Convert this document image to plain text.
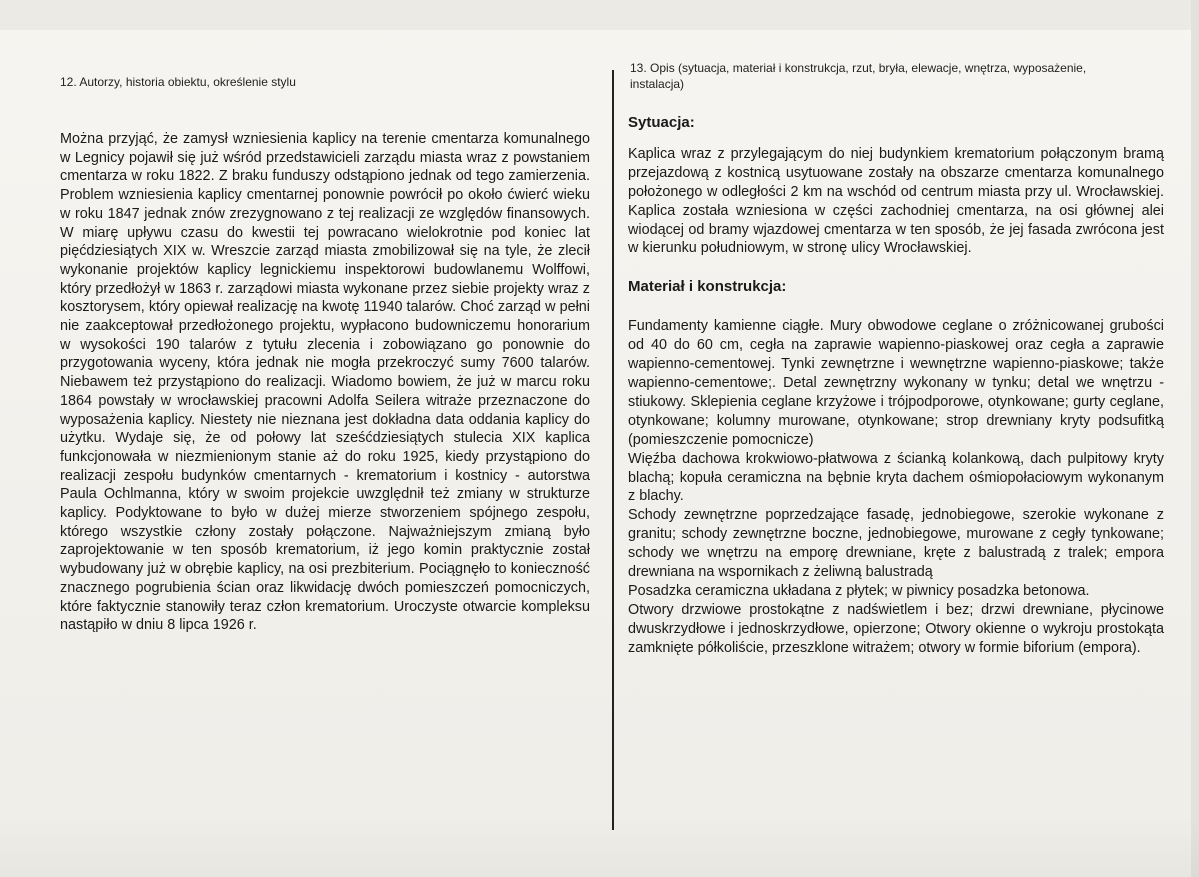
12. Autorzy, historia obiektu, określenie stylu

Można przyjąć, że zamysł wzniesienia kaplicy na terenie cmentarza komunalnego w Legnicy pojawił się już wśród przedstawicieli zarządu miasta wraz z powstaniem cmentarza w roku 1822. Z braku funduszy odstąpiono jednak od tego zamierzenia. Problem wzniesienia kaplicy cmentarnej ponownie powrócił po około ćwierć wieku w roku 1847 jednak znów zrezygnowano z tej realizacji ze względów finansowych. W miarę upływu czasu do kwestii tej powracano wielokrotnie pod koniec lat pięćdziesiątych XIX w. Wreszcie zarząd miasta zmobilizował się na tyle, że zlecił wykonanie projektów kaplicy legnickiemu inspektorowi budowlanemu Wolffowi, który przedłożył w 1863 r. zarządowi miasta wykonane przez siebie projekty wraz z kosztorysem, który opiewał realizację na kwotę 11940 talarów. Choć zarząd w pełni nie zaakceptował przedłożonego projektu, wypłacono budowniczemu honorarium w wysokości 190 talarów z tytułu zlecenia i zobowiązano go ponownie do przygotowania wyceny, która jednak nie mogła przekroczyć sumy 7600 talarów. Niebawem też przystąpiono do realizacji. Wiadomo bowiem, że już w marcu roku 1864 powstały w wrocławskiej pracowni Adolfa Seilera witraże przeznaczone do wyposażenia kaplicy. Niestety nie nieznana jest dokładna data oddania kaplicy do użytku. Wydaje się, że od połowy lat sześćdziesiątych stulecia XIX kaplica funkcjonowała w niezmienionym stanie aż do roku 1925, kiedy przystąpiono do realizacji zespołu budynków cmentarnych - krematorium i kostnicy - autorstwa Paula Ochlmanna, który w swoim projekcie uwzględnił też zmiany w strukturze kaplicy. Podyktowane to było w dużej mierze stworzeniem spójnego zespołu, którego wszystkie człony zostały połączone. Najważniejszym zmianą było zaprojektowanie w ten sposób krematorium, iż jego komin praktycznie został wybudowany już w obrębie kaplicy, na osi prezbiterium. Pociągnęło to konieczność znacznego pogrubienia ścian oraz likwidację dwóch pomieszczeń pomocniczych, które faktycznie stanowiły teraz człon krematorium. Uroczyste otwarcie kompleksu nastąpiło w dniu 8 lipca 1926 r.

13. Opis (sytuacja, materiał i konstrukcja, rzut, bryła, elewacje, wnętrza, wyposażenie, instalacja)

Sytuacja:

Kaplica wraz z przylegającym do niej budynkiem krematorium połączonym bramą przejazdową z kostnicą usytuowane zostały na obszarze cmentarza komunalnego położonego w odległości 2 km na wschód od centrum miasta przy ul. Wrocławskiej. Kaplica została wzniesiona w części zachodniej cmentarza, na osi głównej alei wiodącej od bramy wjazdowej cmentarza w ten sposób, że jej fasada zwrócona jest w kierunku południowym, w stronę ulicy Wrocławskiej.

Materiał i konstrukcja:

Fundamenty kamienne ciągłe. Mury obwodowe ceglane o zróżnicowanej grubości od 40 do 60 cm, cegła na zaprawie wapienno-piaskowej oraz cegła a zaprawie wapienno-cementowej. Tynki zewnętrzne i wewnętrzne wapienno-piaskowe; także wapienno-cementowe;. Detal zewnętrzny wykonany w tynku; detal we wnętrzu - stiukowy. Sklepienia ceglane krzyżowe i trójpodporowe, otynkowane; gurty ceglane, otynkowane; kolumny murowane, otynkowane; strop drewniany kryty podsufitką (pomieszczenie pomocnicze)

Więźba dachowa krokwiowo-płatwowa z ścianką kolankową, dach pulpitowy kryty blachą; kopuła ceramiczna na bębnie kryta dachem ośmiopołaciowym wykonanym z blachy.

Schody zewnętrzne poprzedzające fasadę, jednobiegowe, szerokie wykonane z granitu; schody zewnętrzne boczne, jednobiegowe, murowane z cegły tynkowane; schody we wnętrzu na emporę drewniane, kręte z balustradą z tralek; empora drewniana na wspornikach z żeliwną balustradą

Posadzka ceramiczna układana z płytek; w piwnicy posadzka betonowa.

Otwory drzwiowe prostokątne z nadświetlem i bez; drzwi drewniane, płycinowe dwuskrzydłowe i jednoskrzydłowe, opierzone; Otwory okienne o wykroju prostokąta zamknięte półkoliście, przeszklone witrażem; otwory w formie biforium (empora).
